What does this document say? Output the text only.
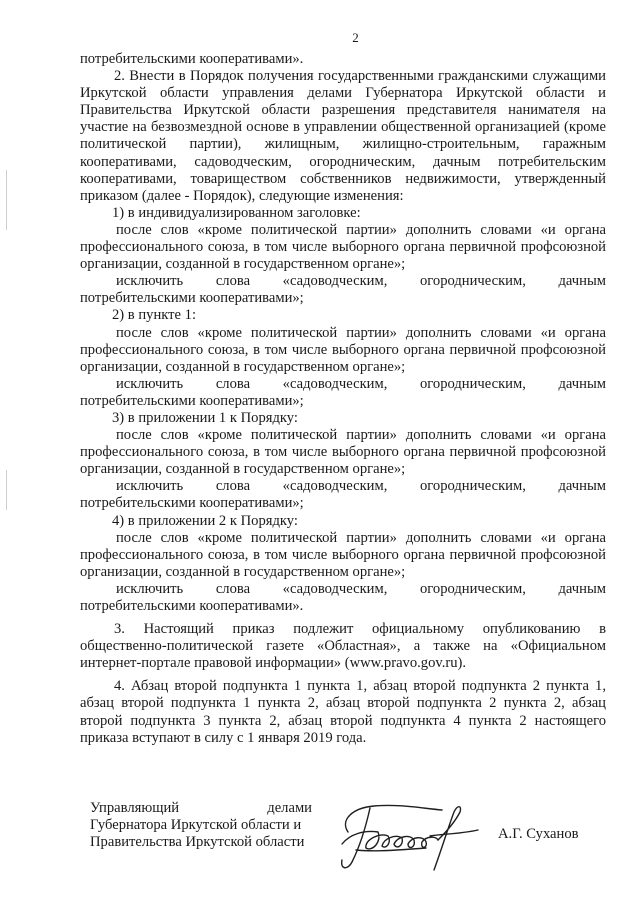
2

потребительскими кооперативами».

2. Внести в Порядок получения государственными гражданскими служащими Иркутской области управления делами Губернатора Иркутской области и Правительства Иркутской области разрешения представителя нанимателя на участие на безвозмездной основе в управлении общественной организацией (кроме политической партии), жилищным, жилищно-строительным, гаражным кооперативами, садоводческим, огородническим, дачным потребительским кооперативами, товариществом собственников недвижимости, утвержденный приказом (далее - Порядок), следующие изменения:

1) в индивидуализированном заголовке:

после слов «кроме политической партии» дополнить словами «и органа профессионального союза, в том числе выборного органа первичной профсоюзной организации, созданной в государственном органе»;

исключить слова «садоводческим, огородническим, дачным потребительскими кооперативами»;

2) в пункте 1:

после слов «кроме политической партии» дополнить словами «и органа профессионального союза, в том числе выборного органа первичной профсоюзной организации, созданной в государственном органе»;

исключить слова «садоводческим, огородническим, дачным потребительскими кооперативами»;

3) в приложении 1 к Порядку:

после слов «кроме политической партии» дополнить словами «и органа профессионального союза, в том числе выборного органа первичной профсоюзной организации, созданной в государственном органе»;

исключить слова «садоводческим, огородническим, дачным потребительскими кооперативами»;

4) в приложении 2 к Порядку:

после слов «кроме политической партии» дополнить словами «и органа профессионального союза, в том числе выборного органа первичной профсоюзной организации, созданной в государственном органе»;

исключить слова «садоводческим, огородническим, дачным потребительскими кооперативами».

3. Настоящий приказ подлежит официальному опубликованию в общественно-политической газете «Областная», а также на «Официальном интернет-портале правовой информации» (www.pravo.gov.ru).

4. Абзац второй подпункта 1 пункта 1, абзац второй подпункта 2 пункта 1, абзац второй подпункта 1 пункта 2, абзац второй подпункта 2 пункта 2, абзац второй подпункта 3 пункта 2, абзац второй подпункта 4 пункта 2 настоящего приказа вступают в силу с 1 января 2019 года.

Управляющий	делами
Губернатора Иркутской области и
Правительства Иркутской области
А.Г. Суханов
